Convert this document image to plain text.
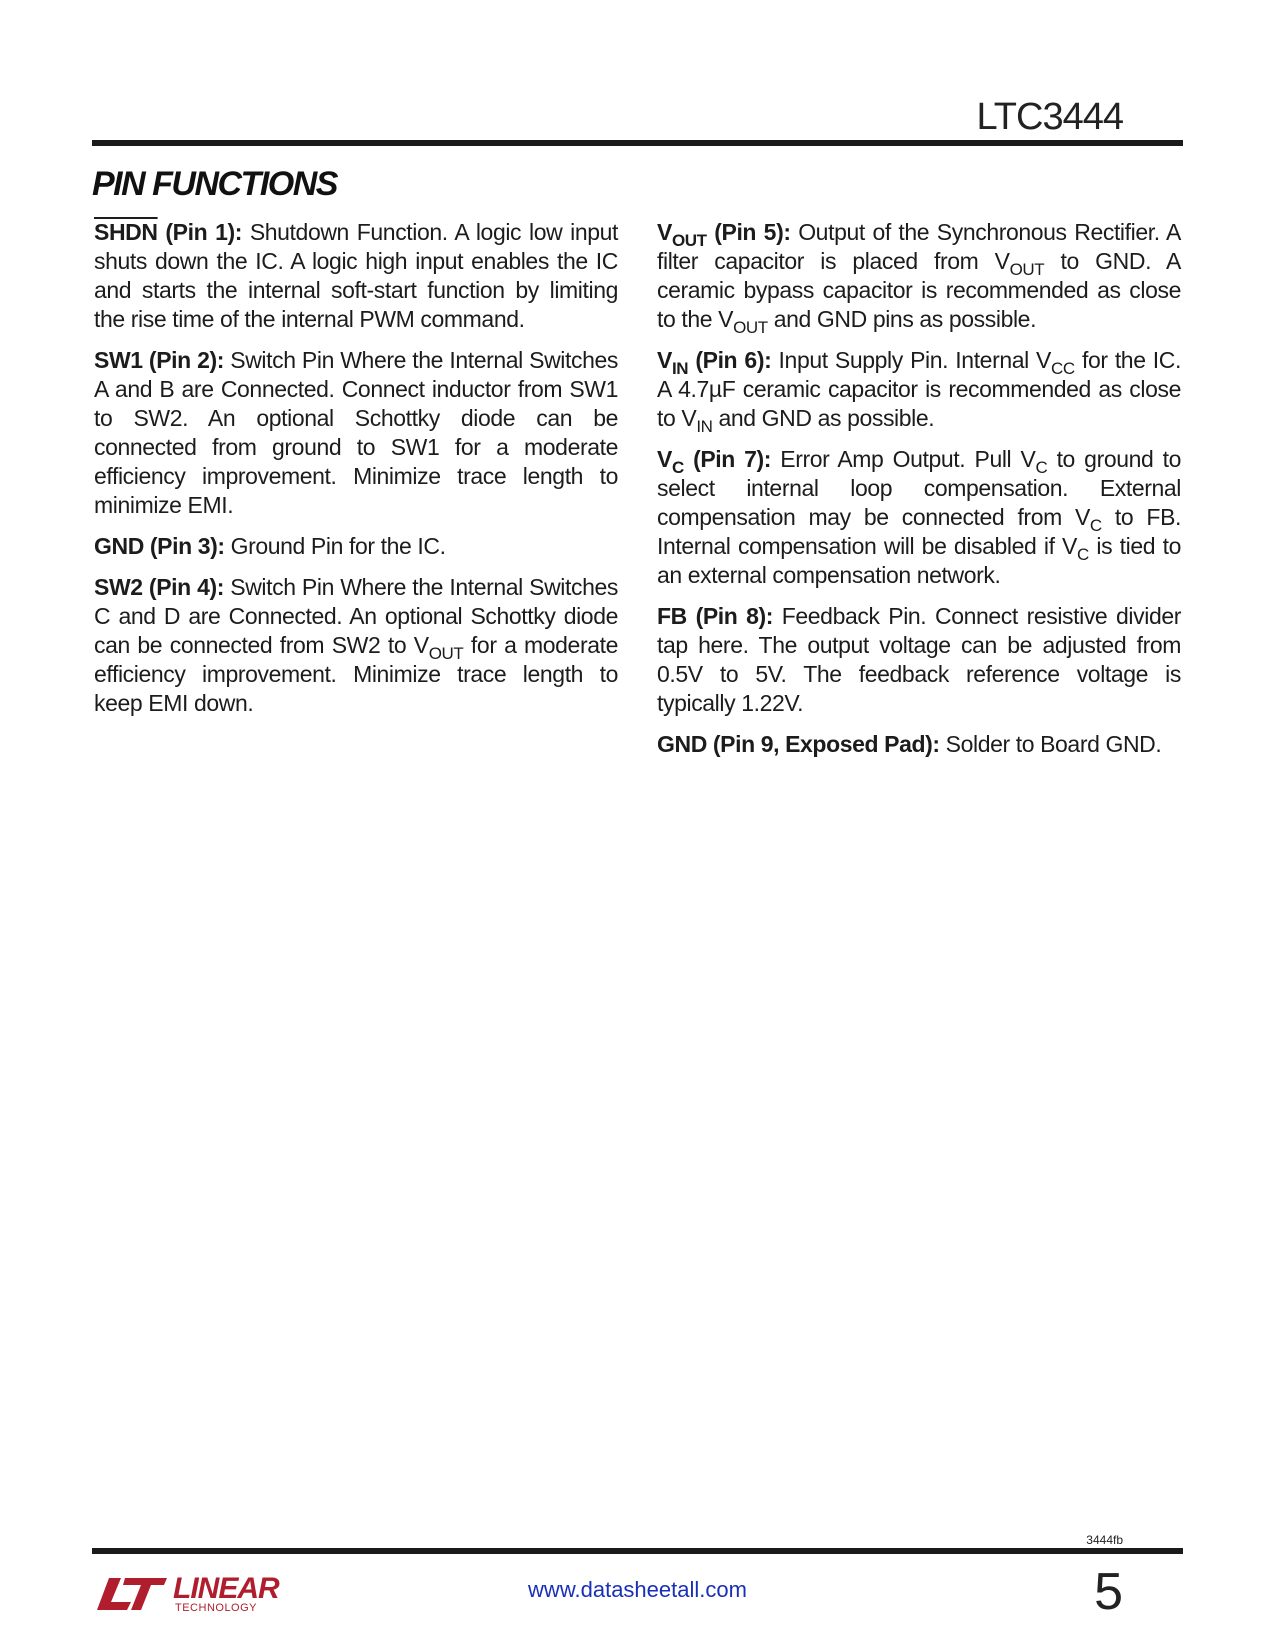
LTC3444
PIN FUNCTIONS

SHDN (Pin 1): Shutdown Function. A logic low input shuts down the IC. A logic high input enables the IC and starts the internal soft-start function by limiting the rise time of the internal PWM command.

SW1 (Pin 2): Switch Pin Where the Internal Switches A and B are Connected. Connect inductor from SW1 to SW2. An optional Schottky diode can be connected from ground to SW1 for a moderate efficiency improvement. Minimize trace length to minimize EMI.

GND (Pin 3): Ground Pin for the IC.

SW2 (Pin 4): Switch Pin Where the Internal Switches C and D are Connected. An optional Schottky diode can be connected from SW2 to $V_{OUT}$ for a moderate efficiency improvement. Minimize trace length to keep EMI down.

$V_{OUT}$ (Pin 5): Output of the Synchronous Rectifier. A filter capacitor is placed from $V_{OUT}$ to GND. A ceramic bypass capacitor is recommended as close to the $V_{OUT}$ and GND pins as possible.

$V_{IN}$ (Pin 6): Input Supply Pin. Internal $V_{CC}$ for the IC. A 4.7µF ceramic capacitor is recommended as close to $V_{IN}$ and GND as possible.

$V_C$ (Pin 7): Error Amp Output. Pull $V_C$ to ground to select internal loop compensation. External compensation may be connected from $V_C$ to FB. Internal compensation will be disabled if $V_C$ is tied to an external compensation network.

FB (Pin 8): Feedback Pin. Connect resistive divider tap here. The output voltage can be adjusted from 0.5V to 5V. The feedback reference voltage is typically 1.22V.

GND (Pin 9, Exposed Pad): Solder to Board GND.

3444fb
LINEAR
TECHNOLOGY
www.datasheetall.com	5
